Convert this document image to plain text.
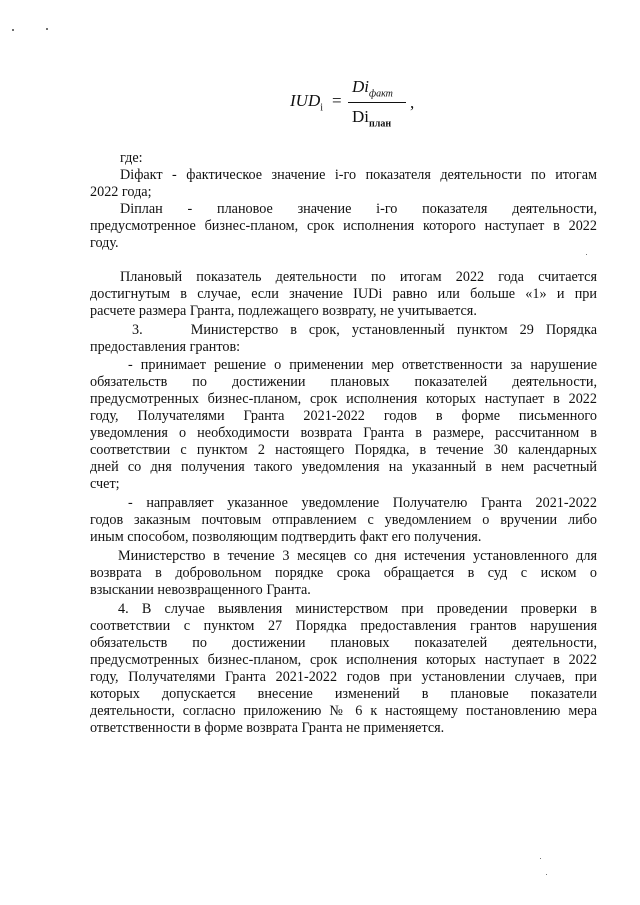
$IUD_i$ =
$Di_{факт}$
$Di_{план}$
,
где:
Diфакт - фактическое значение i-го показателя деятельности по итогам
2022 года;
Diплан   -   плановое   значение   i-го   показателя   деятельности,
предусмотренное бизнес-планом, срок исполнения которого наступает в 2022
году.
Плановый показатель деятельности по итогам 2022 года считается
достигнутым в случае, если значение IUDi равно или больше «1» и при
расчете размера Гранта, подлежащего возврату, не учитывается.
3.    Министерство в срок, установленный пунктом 29 Порядка
предоставления грантов:
- принимает решение о применении мер ответственности за нарушение
обязательств по достижении плановых показателей деятельности,
предусмотренных бизнес-планом, срок исполнения которых наступает в 2022
году, Получателями Гранта 2021-2022 годов в форме письменного
уведомления о необходимости возврата Гранта в размере, рассчитанном в
соответствии с пунктом 2 настоящего Порядка, в течение 30 календарных
дней со дня получения такого уведомления на указанный в нем расчетный
счет;
- направляет указанное уведомление Получателю Гранта 2021-2022
годов заказным почтовым отправлением с уведомлением о вручении либо
иным способом, позволяющим подтвердить факт его получения.
Министерство в течение 3 месяцев со дня истечения установленного для
возврата в добровольном порядке срока обращается в суд с иском о
взыскании невозвращенного Гранта.
4. В случае выявления министерством при проведении проверки в
соответствии с пунктом 27 Порядка предоставления грантов нарушения
обязательств по достижении плановых показателей деятельности,
предусмотренных бизнес-планом, срок исполнения которых наступает в 2022
году, Получателями Гранта 2021-2022 годов при установлении случаев, при
которых допускается внесение изменений в плановые показатели
деятельности, согласно приложению № 6 к настоящему постановлению мера
ответственности в форме возврата Гранта не применяется.
